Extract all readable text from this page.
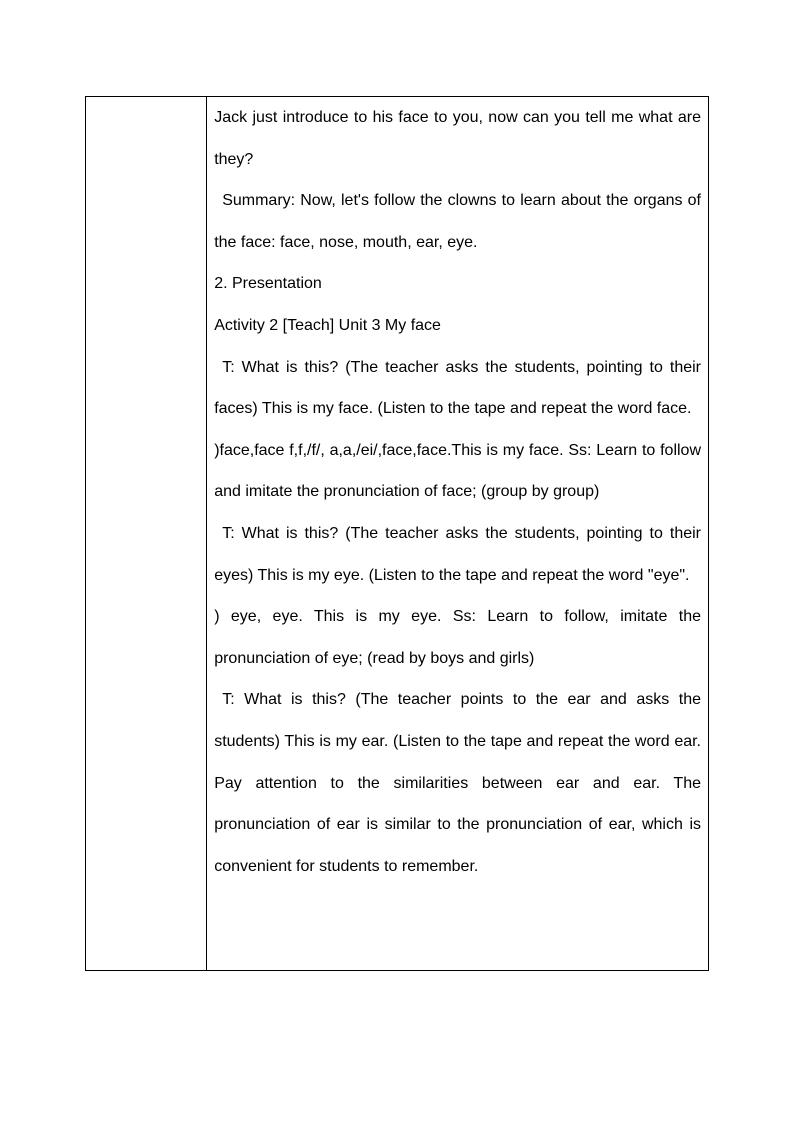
Jack just introduce to his face to you, now can you tell me what are they?

Summary: Now, let's follow the clowns to learn about the organs of the face: face, nose, mouth, ear, eye.

2. Presentation

Activity 2 [Teach] Unit 3 My face

T: What is this? (The teacher asks the students, pointing to their faces) This is my face. (Listen to the tape and repeat the word face.

)face,face f,f,/f/, a,a,/ei/,face,face.This is my face. Ss: Learn to follow and imitate the pronunciation of face; (group by group)

T: What is this? (The teacher asks the students, pointing to their eyes) This is my eye. (Listen to the tape and repeat the word "eye".

) eye, eye. This is my eye. Ss: Learn to follow, imitate the pronunciation of eye; (read by boys and girls)

T: What is this? (The teacher points to the ear and asks the students) This is my ear. (Listen to the tape and repeat the word ear. Pay attention to the similarities between ear and ear. The pronunciation of ear is similar to the pronunciation of ear, which is convenient for students to remember.
